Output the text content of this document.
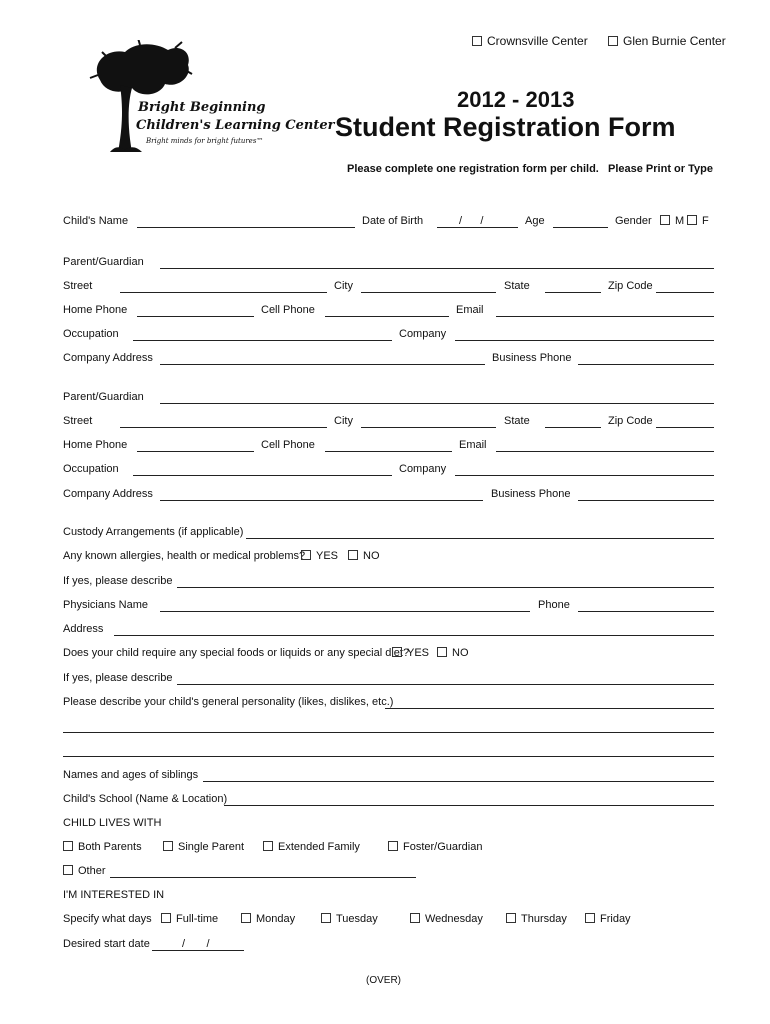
Crownsville Center	Glen Burnie Center
Bright Beginning
Children's Learning Center
Bright minds for bright futures™
2012 - 2013
Student Registration Form
Please complete one registration form per child.   Please Print or Type
Child's Name	Date of Birth	/      /	Age	Gender	M	F
Parent/Guardian
Street	City	State	Zip Code
Home Phone	Cell Phone	Email
Occupation	Company
Company Address	Business Phone
Parent/Guardian
Street	City	State	Zip Code
Home Phone	Cell Phone	Email
Occupation	Company
Company Address	Business Phone
Custody Arrangements (if applicable)
Any known allergies, health or medical problems? YES	NO
If yes, please describe
Physicians Name	Phone
Address
Does your child require any special foods or liquids or any special diet?
YES	NO
If yes, please describe
Please describe your child's general personality (likes, dislikes, etc.)
Names and ages of siblings
Child's School (Name & Location)
CHILD LIVES WITH
Both Parents	Single Parent	Extended Family	Foster/Guardian
Other
I'M INTERESTED IN
Specify what days	Full-time	Monday	Tuesday	Wednesday	Thursday	Friday
Desired start date	/       /
(OVER)
